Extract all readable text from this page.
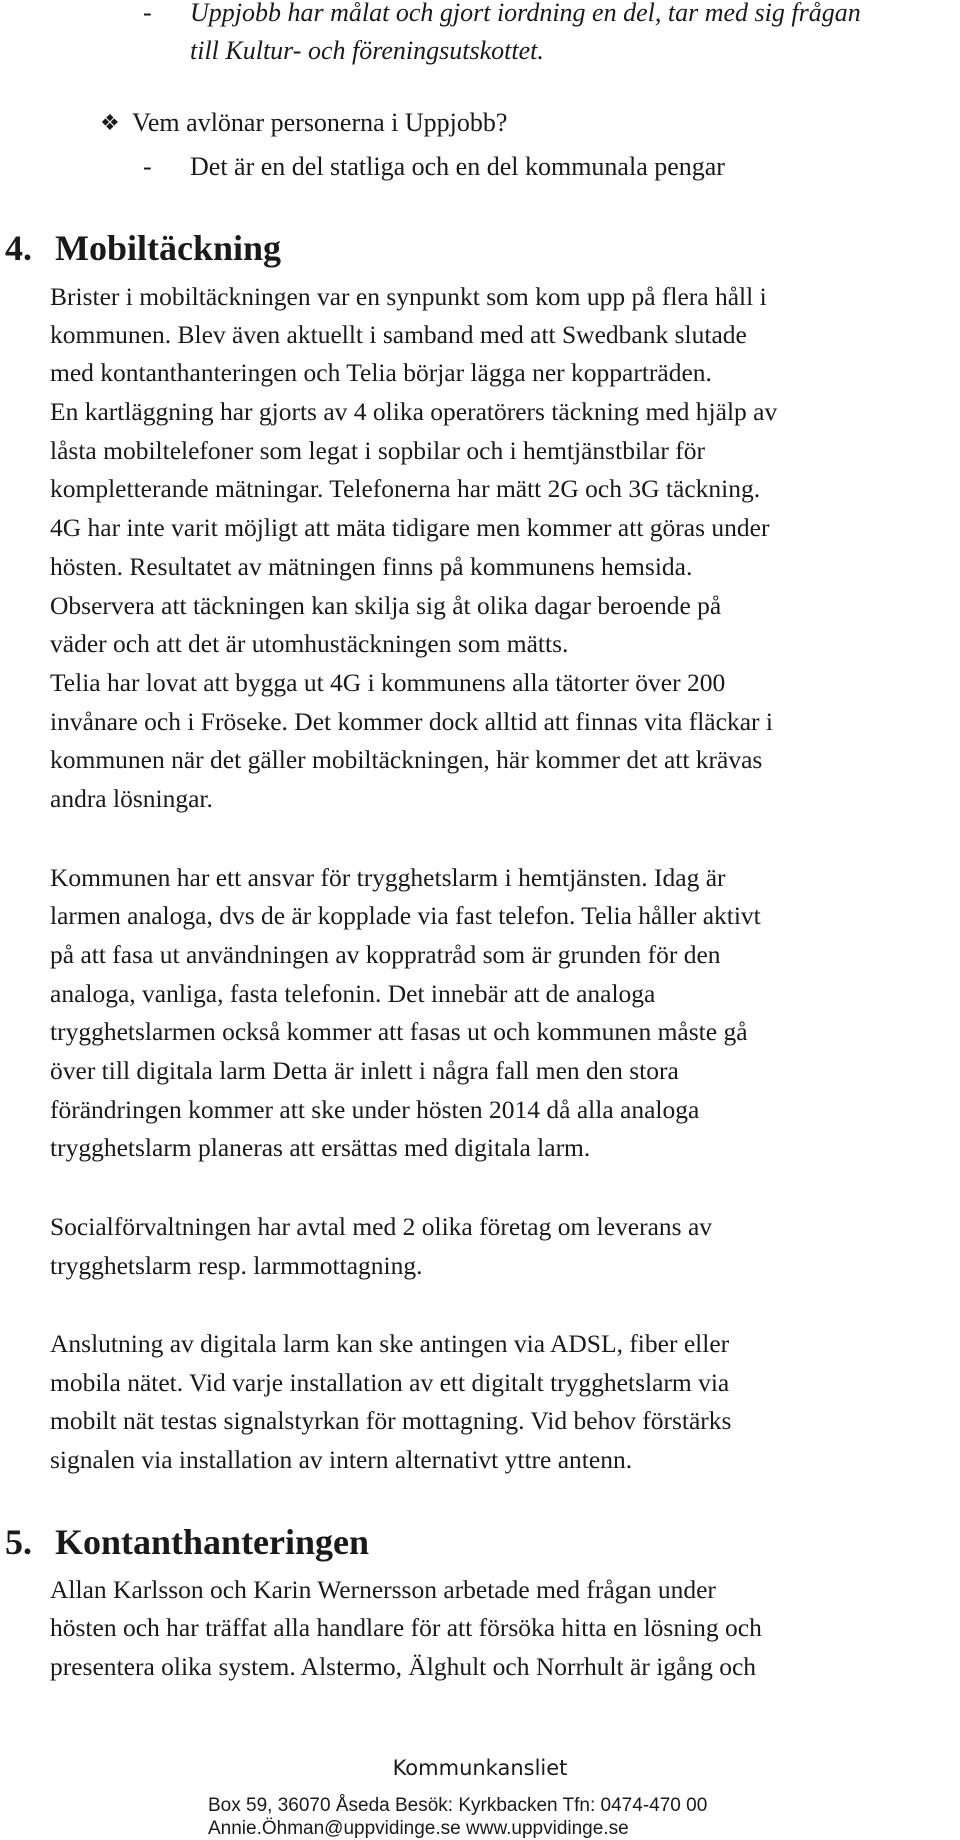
- Uppjobb har målat och gjort iordning en del, tar med sig frågan
till Kultur- och föreningsutskottet.
❖ Vem avlönar personerna i Uppjobb?
- Det är en del statliga och en del kommunala pengar
4. Mobiltäckning
Brister i mobiltäckningen var en synpunkt som kom upp på flera håll i
kommunen. Blev även aktuellt i samband med att Swedbank slutade
med kontanthanteringen och Telia börjar lägga ner kopparträden.
En kartläggning har gjorts av 4 olika operatörers täckning med hjälp av
låsta mobiltelefoner som legat i sopbilar och i hemtjänstbilar för
kompletterande mätningar. Telefonerna har mätt 2G och 3G täckning.
4G har inte varit möjligt att mäta tidigare men kommer att göras under
hösten. Resultatet av mätningen finns på kommunens hemsida.
Observera att täckningen kan skilja sig åt olika dagar beroende på
väder och att det är utomhustäckningen som mätts.
Telia har lovat att bygga ut 4G i kommunens alla tätorter över 200
invånare och i Fröseke. Det kommer dock alltid att finnas vita fläckar i
kommunen när det gäller mobiltäckningen, här kommer det att krävas
andra lösningar.
Kommunen har ett ansvar för trygghetslarm i hemtjänsten. Idag är
larmen analoga, dvs de är kopplade via fast telefon. Telia håller aktivt
på att fasa ut användningen av koppratråd som är grunden för den
analoga, vanliga, fasta telefonin. Det innebär att de analoga
trygghetslarmen också kommer att fasas ut och kommunen måste gå
över till digitala larm Detta är inlett i några fall men den stora
förändringen kommer att ske under hösten 2014 då alla analoga
trygghetslarm planeras att ersättas med digitala larm.
Socialförvaltningen har avtal med 2 olika företag om leverans av
trygghetslarm resp. larmmottagning.
Anslutning av digitala larm kan ske antingen via ADSL, fiber eller
mobila nätet. Vid varje installation av ett digitalt trygghetslarm via
mobilt nät testas signalstyrkan för mottagning. Vid behov förstärks
signalen via installation av intern alternativt yttre antenn.
5. Kontanthanteringen
Allan Karlsson och Karin Wernersson arbetade med frågan under
hösten och har träffat alla handlare för att försöka hitta en lösning och
presentera olika system. Alstermo, Älghult och Norrhult är igång och
Kommunkansliet
Box 59, 36070 Åseda Besök: Kyrkbacken Tfn: 0474-470 00
Annie.Öhman@uppvidinge.se www.uppvidinge.se
